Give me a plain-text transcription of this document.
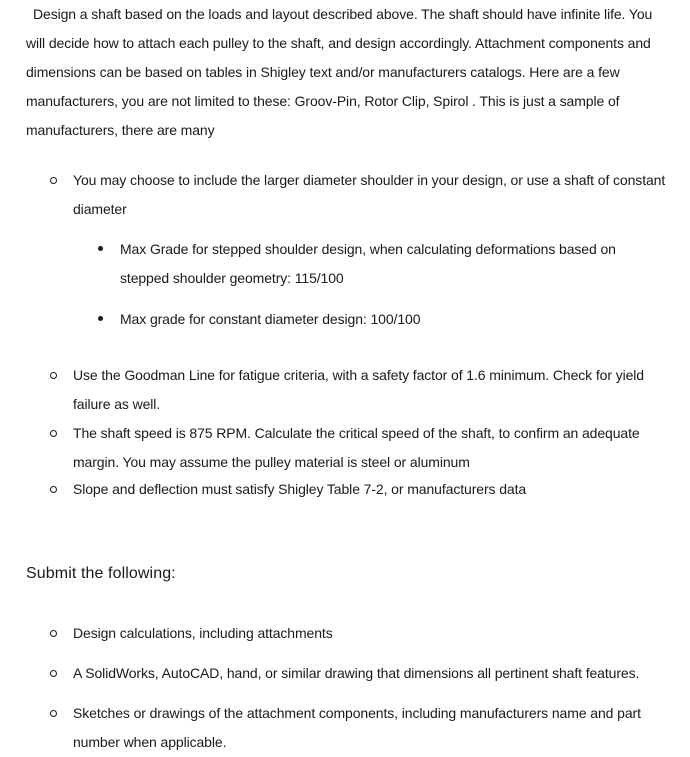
Design a shaft based on the loads and layout described above. The shaft should have infinite life. You
will decide how to attach each pulley to the shaft, and design accordingly. Attachment components and dimensions can be based on tables in Shigley text and/or manufacturers catalogs. Here are a few manufacturers, you are not limited to these: Groov-Pin, Rotor Clip, Spirol . This is just a sample of manufacturers, there are many

You may choose to include the larger diameter shoulder in your design, or use a shaft of constant diameter

Max Grade for stepped shoulder design, when calculating deformations based on stepped shoulder geometry: 115/100

Max grade for constant diameter design: 100/100

Use the Goodman Line for fatigue criteria, with a safety factor of 1.6 minimum. Check for yield failure as well.

The shaft speed is 875 RPM. Calculate the critical speed of the shaft, to confirm an adequate margin. You may assume the pulley material is steel or aluminum

Slope and deflection must satisfy Shigley Table 7-2, or manufacturers data

Submit the following:

Design calculations, including attachments

A SolidWorks, AutoCAD, hand, or similar drawing that dimensions all pertinent shaft features.

Sketches or drawings of the attachment components, including manufacturers name and part number when applicable.
